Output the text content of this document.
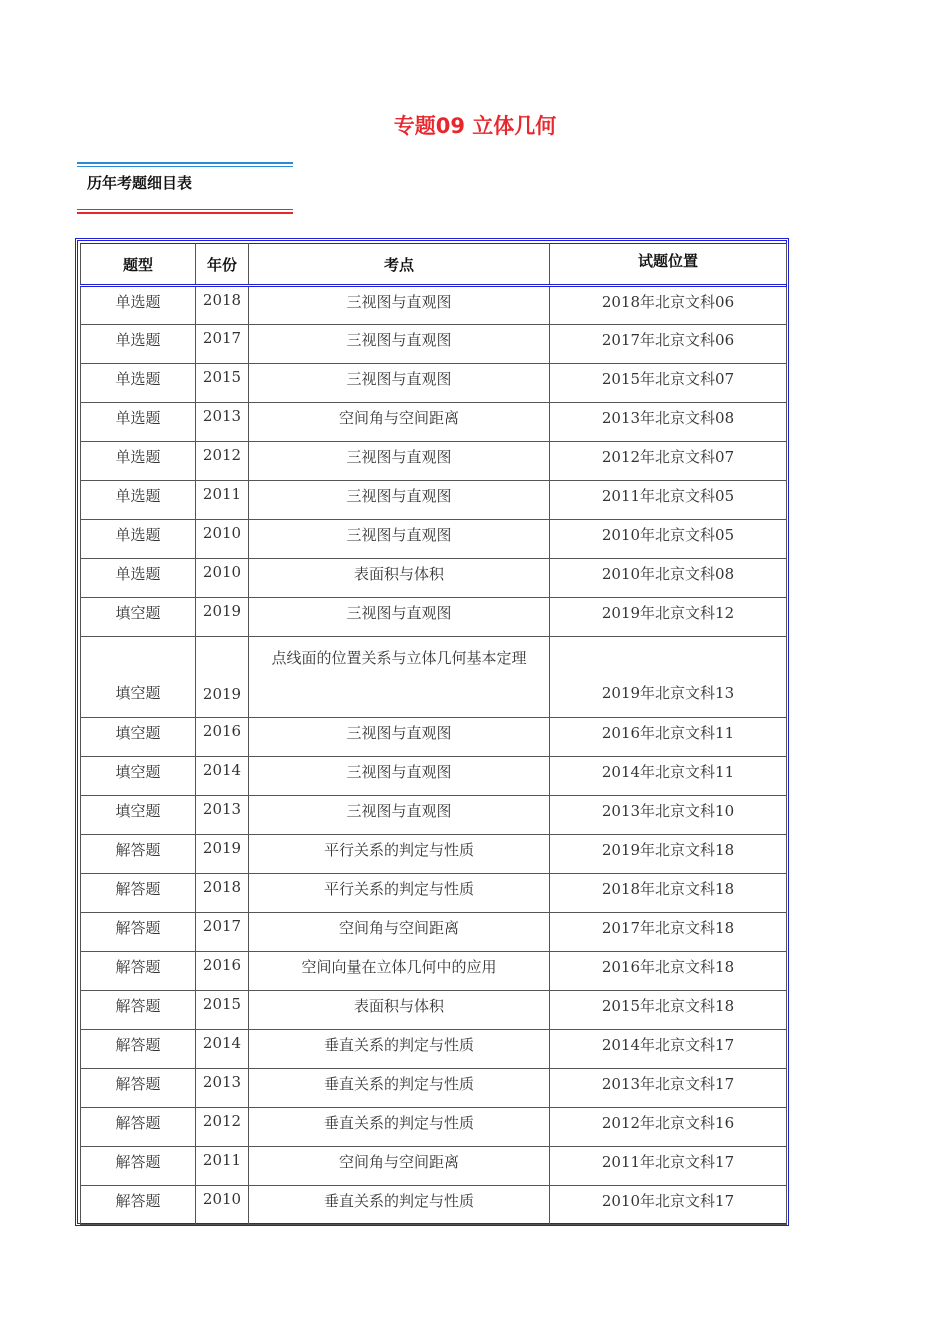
专题09 立体几何
历年考题细目表
题型	年份	考点	试题位置
单选题	2018	三视图与直观图	2018年北京文科06
单选题	2017	三视图与直观图	2017年北京文科06
单选题	2015	三视图与直观图	2015年北京文科07
单选题	2013	空间角与空间距离	2013年北京文科08
单选题	2012	三视图与直观图	2012年北京文科07
单选题	2011	三视图与直观图	2011年北京文科05
单选题	2010	三视图与直观图	2010年北京文科05
单选题	2010	表面积与体积	2010年北京文科08
填空题	2019	三视图与直观图	2019年北京文科12
填空题	2019	点线面的位置关系与立体几何基本定理	2019年北京文科13
填空题	2016	三视图与直观图	2016年北京文科11
填空题	2014	三视图与直观图	2014年北京文科11
填空题	2013	三视图与直观图	2013年北京文科10
解答题	2019	平行关系的判定与性质	2019年北京文科18
解答题	2018	平行关系的判定与性质	2018年北京文科18
解答题	2017	空间角与空间距离	2017年北京文科18
解答题	2016	空间向量在立体几何中的应用	2016年北京文科18
解答题	2015	表面积与体积	2015年北京文科18
解答题	2014	垂直关系的判定与性质	2014年北京文科17
解答题	2013	垂直关系的判定与性质	2013年北京文科17
解答题	2012	垂直关系的判定与性质	2012年北京文科16
解答题	2011	空间角与空间距离	2011年北京文科17
解答题	2010	垂直关系的判定与性质	2010年北京文科17
